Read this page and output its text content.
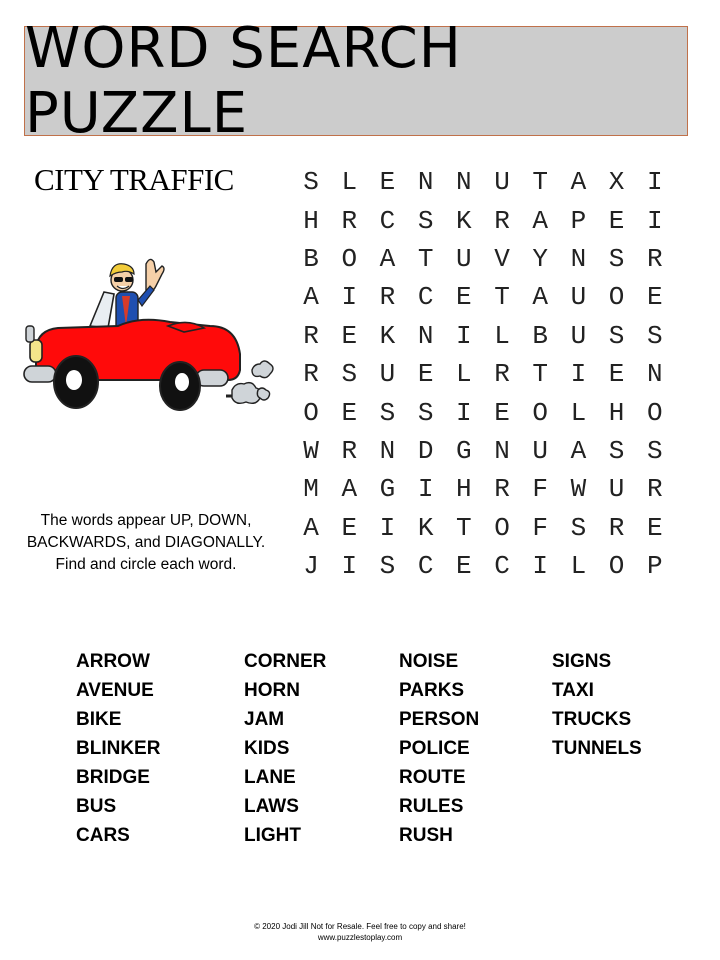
WORD SEARCH PUZZLE
CITY TRAFFIC
The words appear UP, DOWN,
BACKWARDS, and DIAGONALLY.
Find and circle each word.
S L E N N U T A X I
H R C S K R A P E I
B O A T U V Y N S R
A I R C E T A U O E
R E K N I L B U S S
R S U E L R T I E N
O E S S I E O L H O
W R N D G N U A S S
M A G I H R F W U R
A E I K T O F S R E
J I S C E C I L O P
ARROW
AVENUE
BIKE
BLINKER
BRIDGE
BUS
CARS
CORNER
HORN
JAM
KIDS
LANE
LAWS
LIGHT
NOISE
PARKS
PERSON
POLICE
ROUTE
RULES
RUSH
SIGNS
TAXI
TRUCKS
TUNNELS
© 2020 Jodi Jill Not for Resale. Feel free to copy and share!
www.puzzlestoplay.com
